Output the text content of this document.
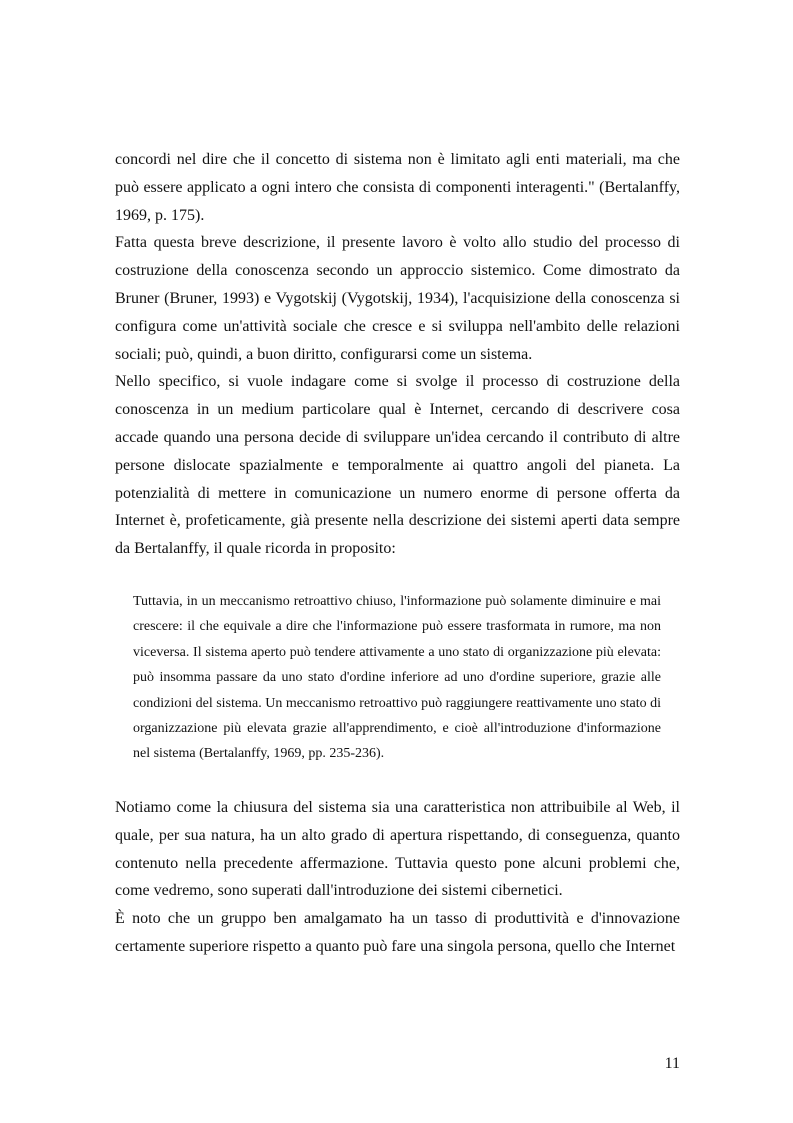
concordi nel dire che il concetto di sistema non è limitato agli enti materiali, ma che può essere applicato a ogni intero che consista di componenti interagenti." (Bertalanffy, 1969, p. 175).

Fatta questa breve descrizione, il presente lavoro è volto allo studio del processo di costruzione della conoscenza secondo un approccio sistemico. Come dimostrato da Bruner (Bruner, 1993) e Vygotskij (Vygotskij, 1934), l'acquisizione della conoscenza si configura come un'attività sociale che cresce e si sviluppa nell'ambito delle relazioni sociali; può, quindi, a buon diritto, configurarsi come un sistema.

Nello specifico, si vuole indagare come si svolge il processo di costruzione della conoscenza in un medium particolare qual è Internet, cercando di descrivere cosa accade quando una persona decide di sviluppare un'idea cercando il contributo di altre persone dislocate spazialmente e temporalmente ai quattro angoli del pianeta. La potenzialità di mettere in comunicazione un numero enorme di persone offerta da Internet è, profeticamente, già presente nella descrizione dei sistemi aperti data sempre da Bertalanffy, il quale ricorda in proposito:

Tuttavia, in un meccanismo retroattivo chiuso, l'informazione può solamente diminuire e mai crescere: il che equivale a dire che l'informazione può essere trasformata in rumore, ma non viceversa. Il sistema aperto può tendere attivamente a uno stato di organizzazione più elevata: può insomma passare da uno stato d'ordine inferiore ad uno d'ordine superiore, grazie alle condizioni del sistema. Un meccanismo retroattivo può raggiungere reattivamente uno stato di organizzazione più elevata grazie all'apprendimento, e cioè all'introduzione d'informazione nel sistema (Bertalanffy, 1969, pp. 235-236).

Notiamo come la chiusura del sistema sia una caratteristica non attribuibile al Web, il quale, per sua natura, ha un alto grado di apertura rispettando, di conseguenza, quanto contenuto nella precedente affermazione. Tuttavia questo pone alcuni problemi che, come vedremo, sono superati dall'introduzione dei sistemi cibernetici.

È noto che un gruppo ben amalgamato ha un tasso di produttività e d'innovazione certamente superiore rispetto a quanto può fare una singola persona, quello che Internet

11
